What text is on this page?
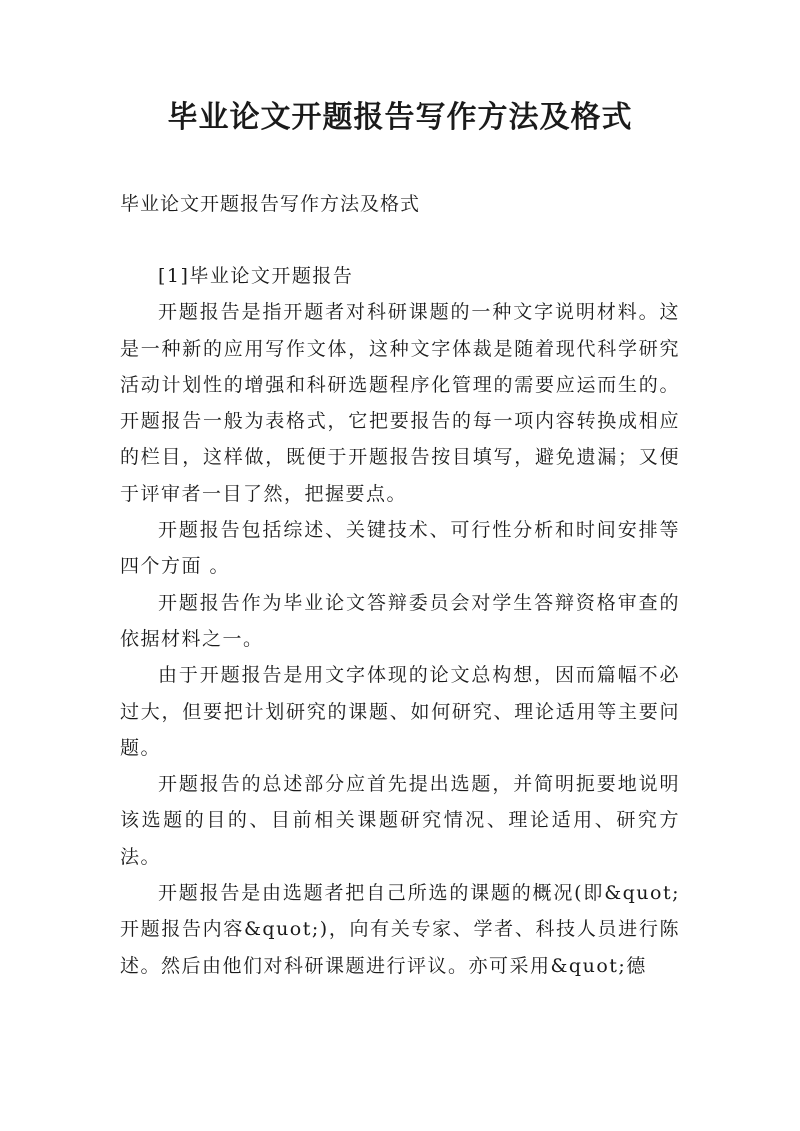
毕业论文开题报告写作方法及格式
毕业论文开题报告写作方法及格式

[1]毕业论文开题报告

开题报告是指开题者对科研课题的一种文字说明材料。这是一种新的应用写作文体，这种文字体裁是随着现代科学研究活动计划性的增强和科研选题程序化管理的需要应运而生的。开题报告一般为表格式，它把要报告的每一项内容转换成相应的栏目，这样做，既便于开题报告按目填写，避免遗漏；又便于评审者一目了然，把握要点。

开题报告包括综述、关键技术、可行性分析和时间安排等四个方面 。

开题报告作为毕业论文答辩委员会对学生答辩资格审查的依据材料之一。

由于开题报告是用文字体现的论文总构想，因而篇幅不必过大，但要把计划研究的课题、如何研究、理论适用等主要问题。

开题报告的总述部分应首先提出选题，并简明扼要地说明该选题的目的、目前相关课题研究情况、理论适用、研究方法。

开题报告是由选题者把自己所选的课题的概况(即&quot;开题报告内容&quot;)，向有关专家、学者、科技人员进行陈述。然后由他们对科研课题进行评议。亦可采用&quot;德
